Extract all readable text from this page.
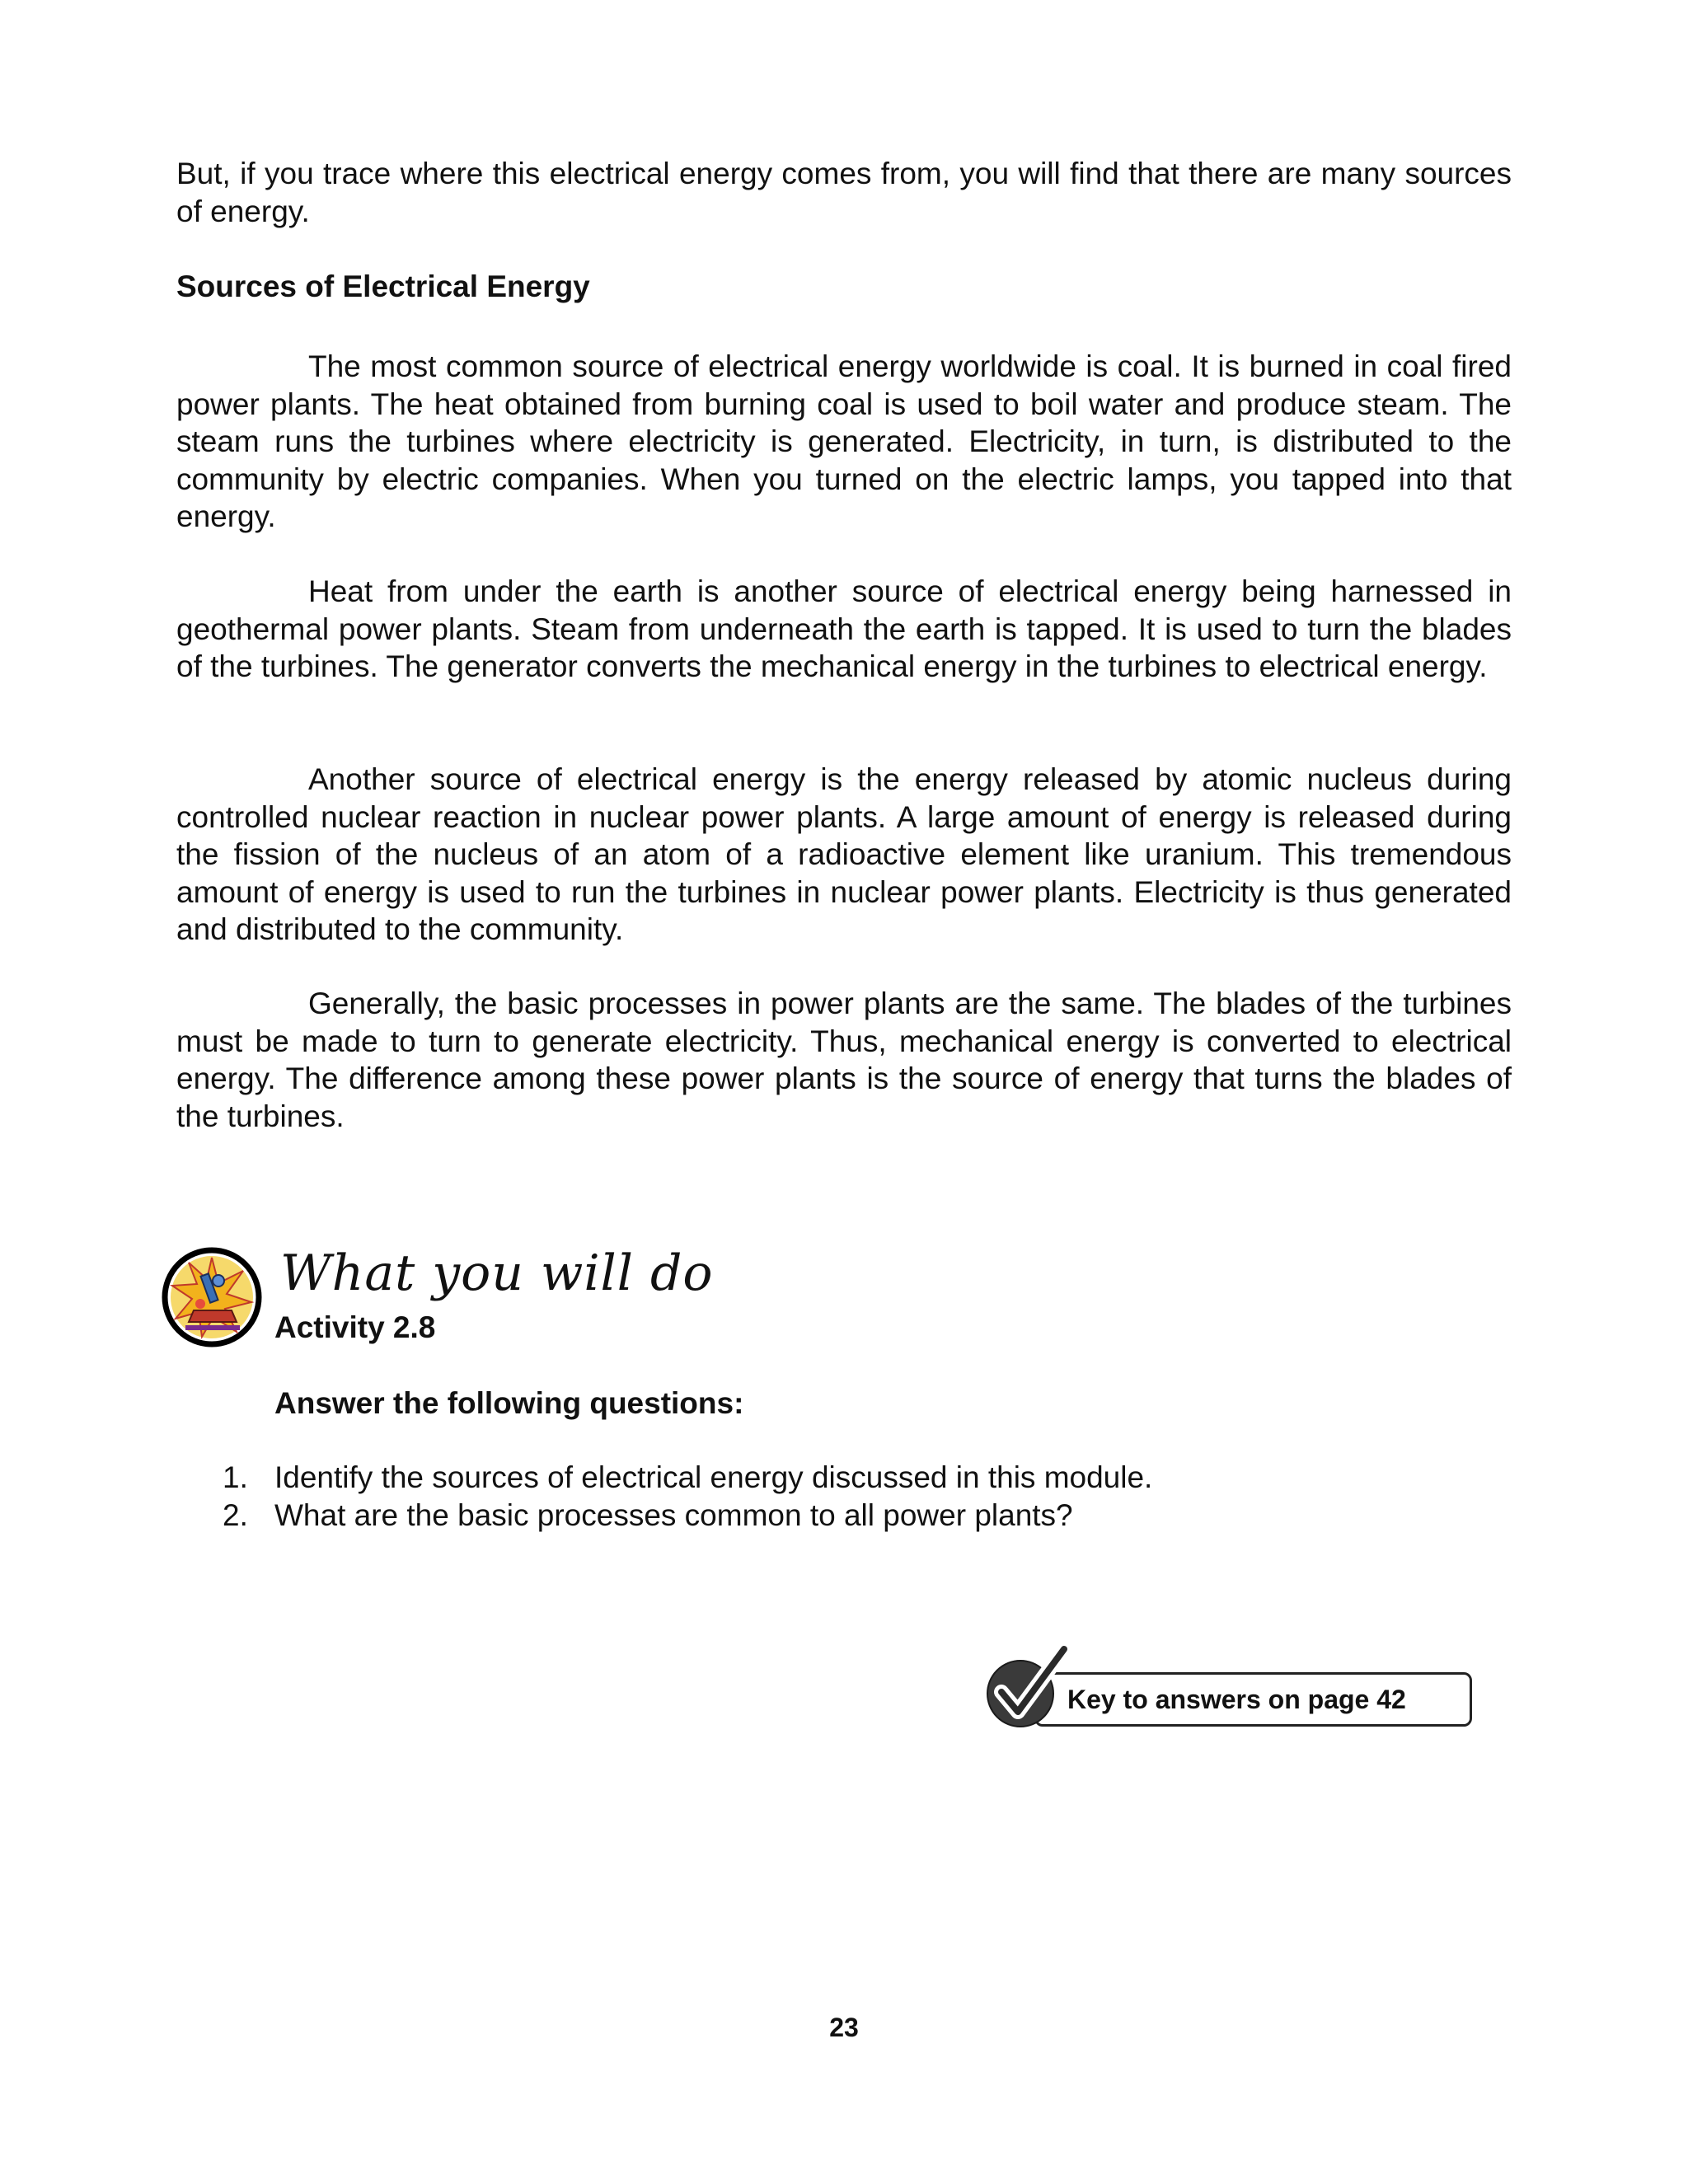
But, if you trace where this electrical energy comes from, you will find that there are many sources of energy.

Sources of Electrical Energy

The most common source of electrical energy worldwide is coal. It is burned in coal fired power plants. The heat obtained from burning coal is used to boil water and produce steam. The steam runs the turbines where electricity is generated. Electricity, in turn, is distributed to the community by electric companies. When you turned on the electric lamps, you tapped into that energy.

Heat from under the earth is another source of electrical energy being harnessed in geothermal power plants. Steam from underneath the earth is tapped. It is used to turn the blades of the turbines. The generator converts the mechanical energy in the turbines to electrical energy.

Another source of electrical energy is the energy released by atomic nucleus during controlled nuclear reaction in nuclear power plants. A large amount of energy is released during the fission of the nucleus of an atom of a radioactive element like uranium. This tremendous amount of energy is used to run the turbines in nuclear power plants. Electricity is thus generated and distributed to the community.

Generally, the basic processes in power plants are the same. The blades of the turbines must be made to turn to generate electricity. Thus, mechanical energy is converted to electrical energy. The difference among these power plants is the source of energy that turns the blades of the turbines.

What you will do

Activity 2.8

Answer the following questions:

1. Identify the sources of electrical energy discussed in this module.
2. What are the basic processes common to all power plants?

Key to answers on page 42

23
